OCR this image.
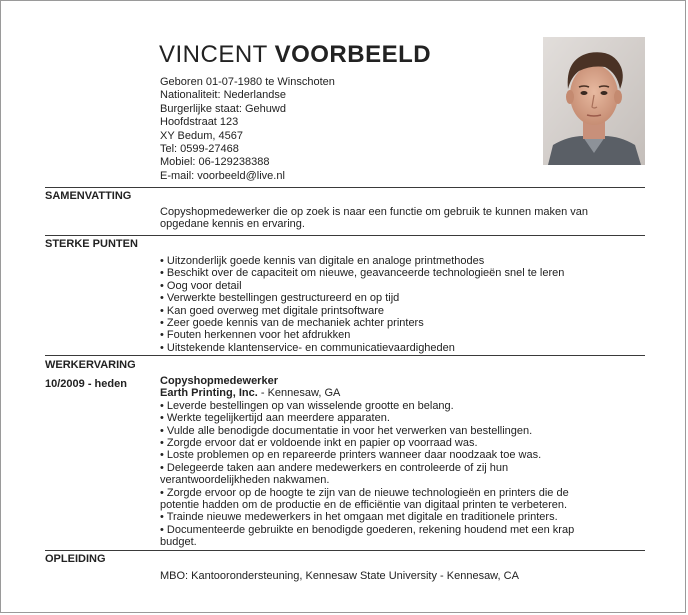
VINCENT VOORBEELD
Geboren 01-07-1980 te Winschoten
Nationaliteit: Nederlandse
Burgerlijke staat: Gehuwd
Hoofdstraat 123
XY Bedum, 4567
Tel: 0599-27468
Mobiel: 06-129238388
E-mail: voorbeeld@live.nl
SAMENVATTING
Copyshopmedewerker die op zoek is naar een functie om gebruik te kunnen maken van
opgedane kennis en ervaring.
STERKE PUNTEN
• Uitzonderlijk goede kennis van digitale en analoge printmethodes
• Beschikt over de capaciteit om nieuwe, geavanceerde technologieën snel te leren
• Oog voor detail
• Verwerkte bestellingen gestructureerd en op tijd
• Kan goed overweg met digitale printsoftware
• Zeer goede kennis van de mechaniek achter printers
• Fouten herkennen voor het afdrukken
• Uitstekende klantenservice- en communicatievaardigheden
WERKERVARING
10/2009 - heden	Copyshopmedewerker
Earth Printing, Inc. - Kennesaw, GA
• Leverde bestellingen op van wisselende grootte en belang.
• Werkte tegelijkertijd aan meerdere apparaten.
• Vulde alle benodigde documentatie in voor het verwerken van bestellingen.
• Zorgde ervoor dat er voldoende inkt en papier op voorraad was.
• Loste problemen op en repareerde printers wanneer daar noodzaak toe was.
• Delegeerde taken aan andere medewerkers en controleerde of zij hun
verantwoordelijkheden nakwamen.
• Zorgde ervoor op de hoogte te zijn van de nieuwe technologieën en printers die de
potentie hadden om de productie en de efficiëntie van digitaal printen te verbeteren.
• Trainde nieuwe medewerkers in het omgaan met digitale en traditionele printers.
• Documenteerde gebruikte en benodigde goederen, rekening houdend met een krap
budget.
OPLEIDING
MBO: Kantoorondersteuning, Kennesaw State University - Kennesaw, CA
